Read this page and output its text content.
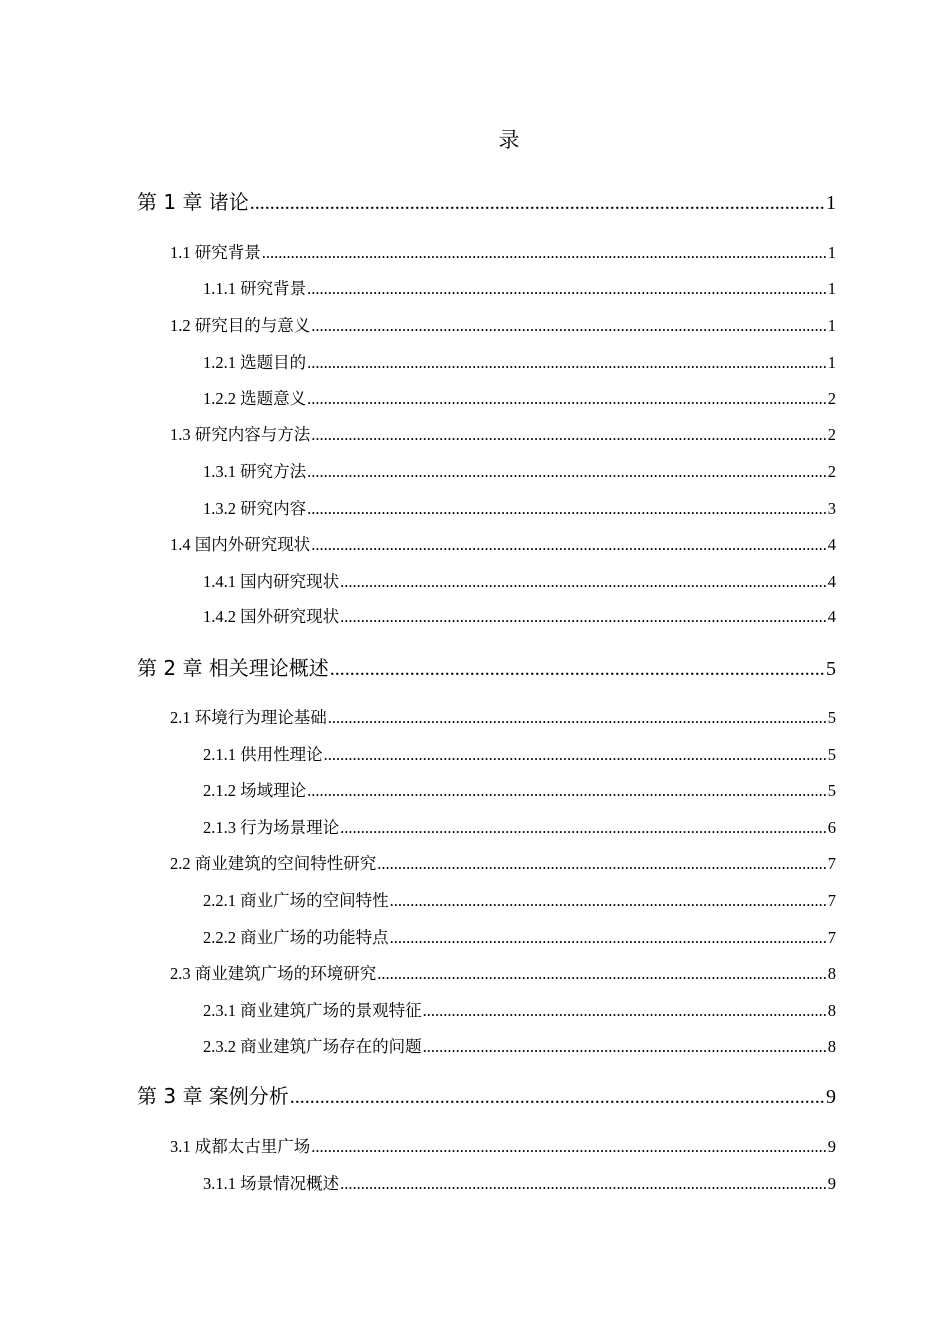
录
第 1 章 诸论 .....	1
1.1 研究背景 .....	1
1.1.1 研究背景 .....	1
1.2 研究目的与意义 .....	1
1.2.1 选题目的 .....	1
1.2.2 选题意义 .....	2
1.3 研究内容与方法 .....	2
1.3.1 研究方法 .....	2
1.3.2 研究内容 .....	3
1.4 国内外研究现状 .....	4
1.4.1 国内研究现状 .....	4
1.4.2 国外研究现状 .....	4
第 2 章 相关理论概述 .....	5
2.1 环境行为理论基础 .....	5
2.1.1 供用性理论 .....	5
2.1.2 场域理论 .....	5
2.1.3 行为场景理论 .....	6
2.2 商业建筑的空间特性研究 .....	7
2.2.1 商业广场的空间特性 .....	7
2.2.2 商业广场的功能特点 .....	7
2.3 商业建筑广场的环境研究 .....	8
2.3.1 商业建筑广场的景观特征 .....	8
2.3.2 商业建筑广场存在的问题 .....	8
第 3 章 案例分析 .....	9
3.1 成都太古里广场 .....	9
3.1.1 场景情况概述 .....	9
